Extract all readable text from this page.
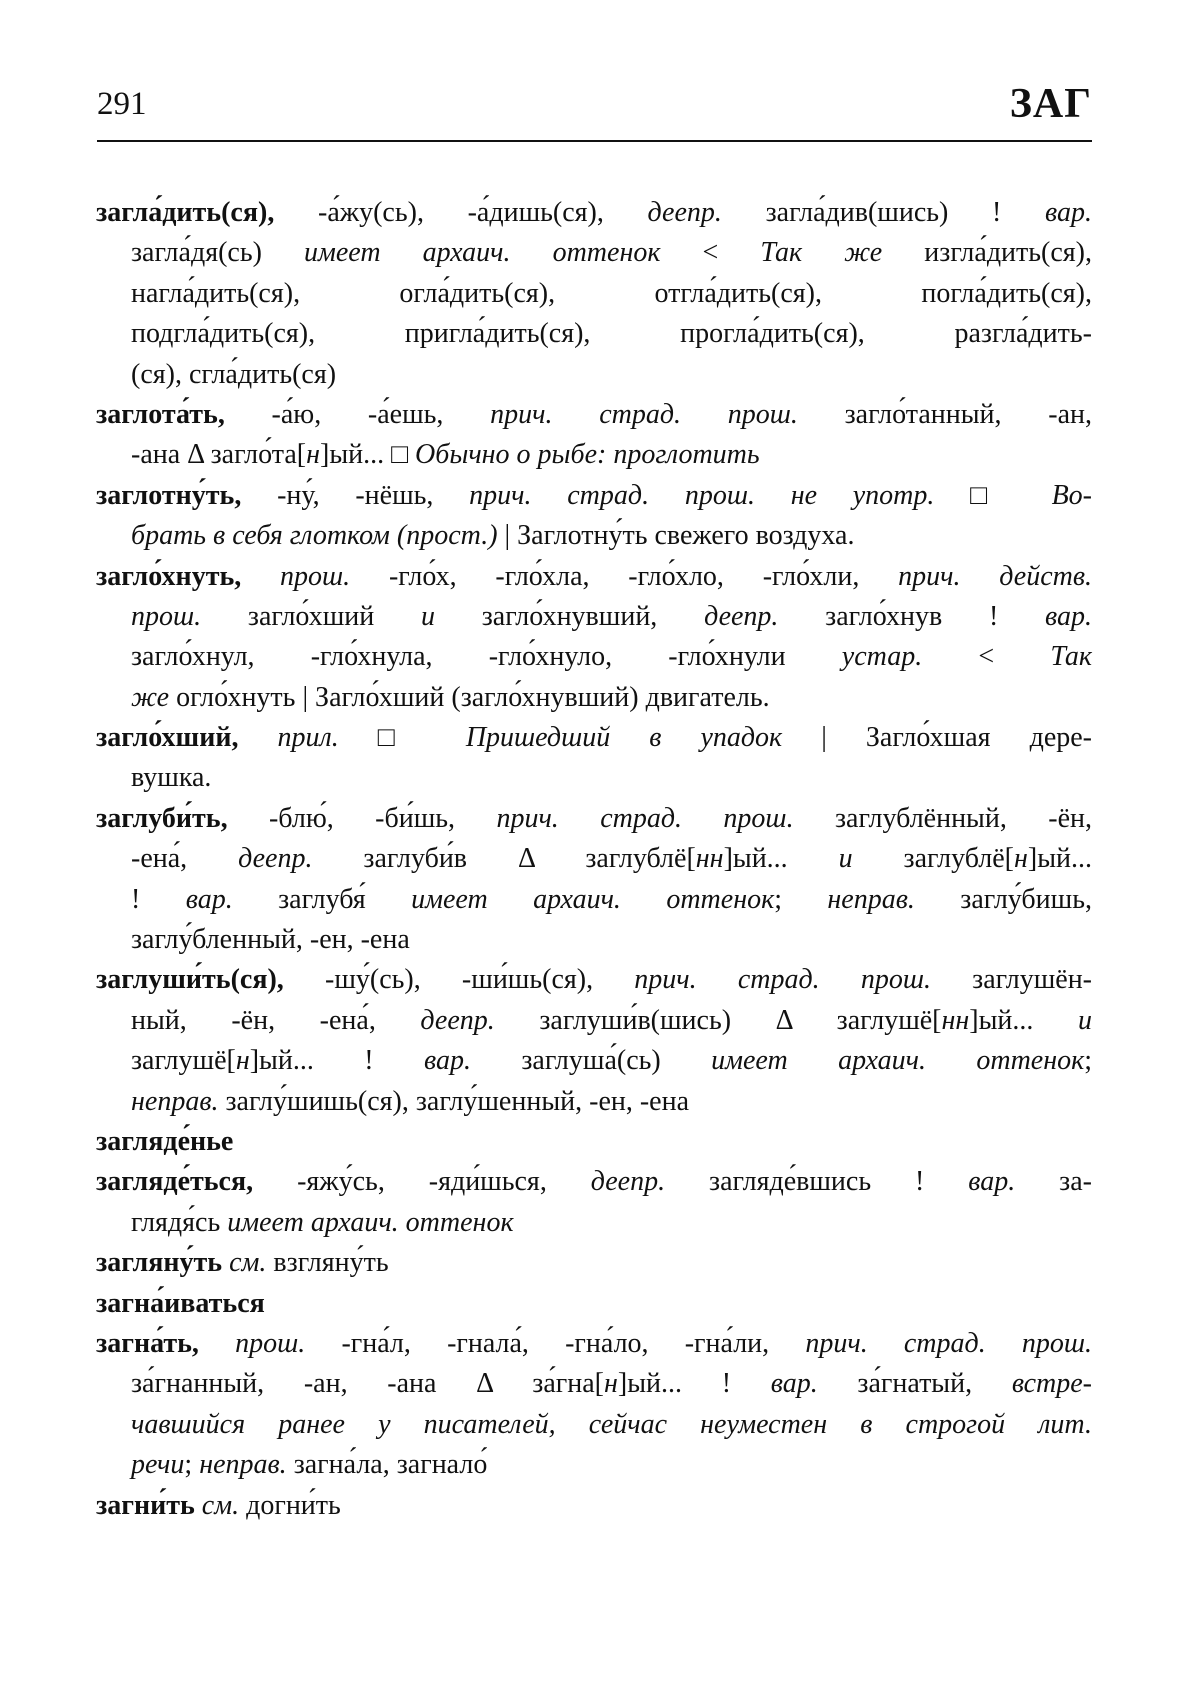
291	ЗАГ
загла́дить(ся), -а́жу(сь), -а́дишь(ся), деепр. загла́див(шись) ! вар.
загла́дя(сь) имеет архаич. оттенок < Так же изгла́дить(ся),
нагла́дить(ся), огла́дить(ся), отгла́дить(ся), погла́дить(ся),
подгла́дить(ся), пригла́дить(ся), прогла́дить(ся), разгла́дить-
(ся), сгла́дить(ся)
заглота́ть, -а́ю, -а́ешь, прич. страд. прош. загло́танный, -ан,
-ана Δ загло́та[н]ый... □ Обычно о рыбе: проглотить
заглотну́ть, -ну́, -нёшь, прич. страд. прош. не употр. □ Во-
брать в себя глотком (прост.) | Заглотну́ть свежего воздуха.
загло́хнуть, прош. -гло́х, -гло́хла, -гло́хло, -гло́хли, прич. действ.
прош. загло́хший и загло́хнувший, деепр. загло́хнув ! вар.
загло́хнул, -гло́хнула, -гло́хнуло, -гло́хнули устар. < Так
же огло́хнуть | Загло́хший (загло́хнувший) двигатель.
загло́хший, прил. □ Пришедший в упадок | Загло́хшая дере-
вушка.
заглуби́ть, -блю́, -би́шь, прич. страд. прош. заглублённый, -ён,
-ена́, деепр. заглуби́в Δ заглублё[нн]ый... и заглублё[н]ый...
! вар. заглубя́ имеет архаич. оттенок; неправ. заглу́бишь,
заглу́бленный, -ен, -ена
заглуши́ть(ся), -шу́(сь), -ши́шь(ся), прич. страд. прош. заглушён-
ный, -ён, -ена́, деепр. заглуши́в(шись) Δ заглушё[нн]ый... и
заглушё[н]ый... ! вар. заглуша́(сь) имеет архаич. оттенок;
неправ. заглу́шишь(ся), заглу́шенный, -ен, -ена
загляде́нье
загляде́ться, -яжу́сь, -яди́шься, деепр. загляде́вшись ! вар. за-
глядя́сь имеет архаич. оттенок
загляну́ть см. взгляну́ть
загна́иваться
загна́ть, прош. -гна́л, -гнала́, -гна́ло, -гна́ли, прич. страд. прош.
за́гнанный, -ан, -ана Δ за́гна[н]ый... ! вар. за́гнатый, встре-
чавшийся ранее у писателей, сейчас неуместен в строгой лит.
речи; неправ. загна́ла, загнало́
загни́ть см. догни́ть
